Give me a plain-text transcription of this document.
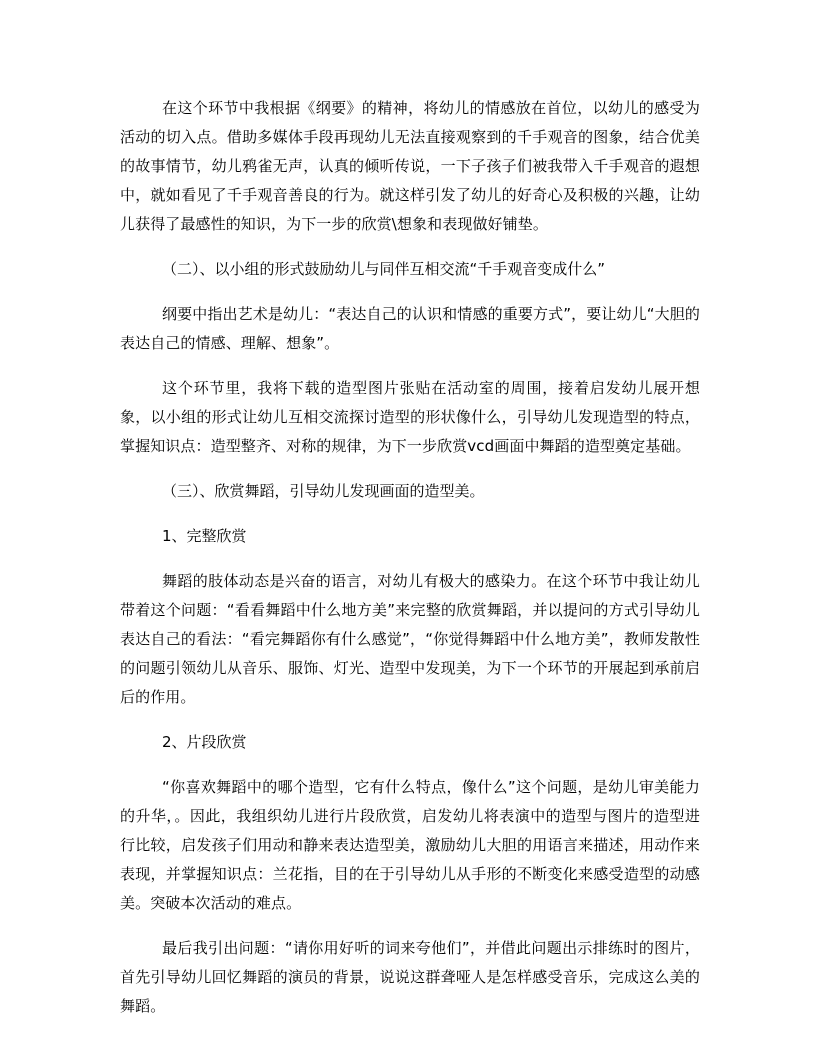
在这个环节中我根据《纲要》的精神，将幼儿的情感放在首位，以幼儿的感受为活动的切入点。借助多媒体手段再现幼儿无法直接观察到的千手观音的图象，结合优美的故事情节，幼儿鸦雀无声，认真的倾听传说，一下子孩子们被我带入千手观音的遐想中，就如看见了千手观音善良的行为。就这样引发了幼儿的好奇心及积极的兴趣，让幼儿获得了最感性的知识，为下一步的欣赏\想象和表现做好铺垫。

（二）、以小组的形式鼓励幼儿与同伴互相交流“千手观音变成什么”

纲要中指出艺术是幼儿：“表达自己的认识和情感的重要方式”，要让幼儿“大胆的表达自己的情感、理解、想象”。

这个环节里，我将下载的造型图片张贴在活动室的周围，接着启发幼儿展开想象，以小组的形式让幼儿互相交流探讨造型的形状像什么，引导幼儿发现造型的特点，掌握知识点：造型整齐、对称的规律，为下一步欣赏vcd画面中舞蹈的造型奠定基础。

（三）、欣赏舞蹈，引导幼儿发现画面的造型美。

1、完整欣赏

舞蹈的肢体动态是兴奋的语言，对幼儿有极大的感染力。在这个环节中我让幼儿带着这个问题：“看看舞蹈中什么地方美”来完整的欣赏舞蹈，并以提问的方式引导幼儿表达自己的看法：“看完舞蹈你有什么感觉”，“你觉得舞蹈中什么地方美”，教师发散性的问题引领幼儿从音乐、服饰、灯光、造型中发现美，为下一个环节的开展起到承前启后的作用。

2、片段欣赏

“你喜欢舞蹈中的哪个造型，它有什么特点，像什么”这个问题，是幼儿审美能力的升华，。因此，我组织幼儿进行片段欣赏，启发幼儿将表演中的造型与图片的造型进行比较，启发孩子们用动和静来表达造型美，激励幼儿大胆的用语言来描述，用动作来表现，并掌握知识点：兰花指，目的在于引导幼儿从手形的不断变化来感受造型的动感美。突破本次活动的难点。

最后我引出问题：“请你用好听的词来夸他们”，并借此问题出示排练时的图片，首先引导幼儿回忆舞蹈的演员的背景，说说这群聋哑人是怎样感受音乐，完成这么美的舞蹈。
